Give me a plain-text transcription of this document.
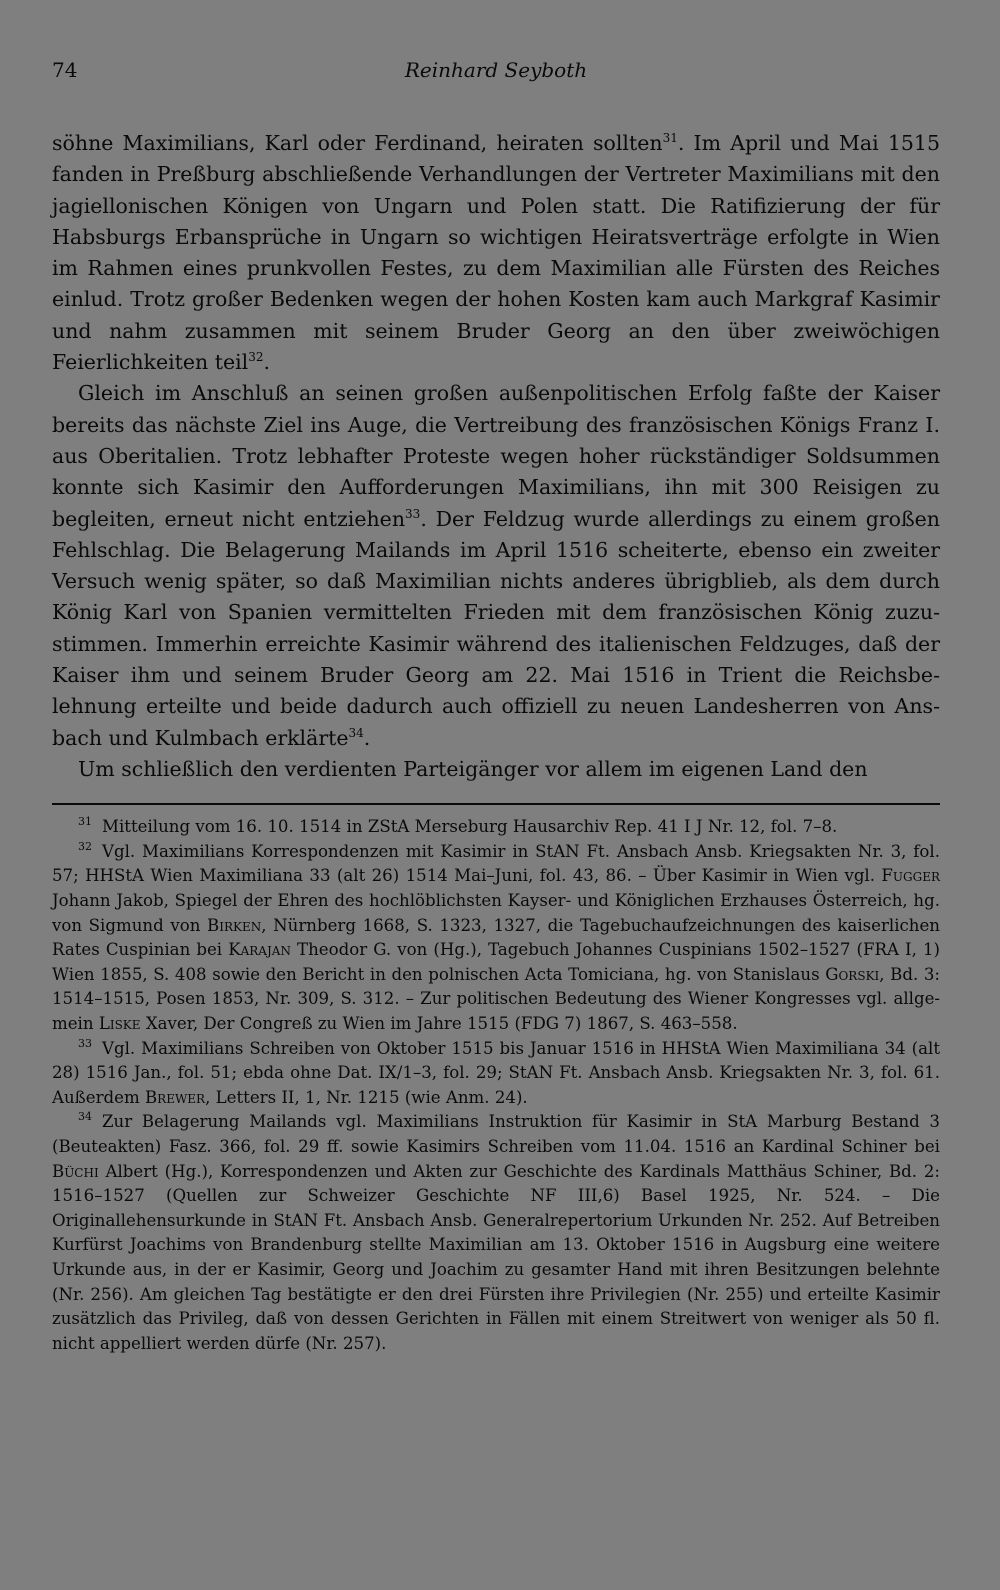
74	Reinhard Seyboth

söhne Maximilians, Karl oder Ferdinand, heiraten sollten$^{31}$. Im April und Mai 1515 fanden in Preßburg abschließende Verhandlungen der Vertreter Maximilians mit den jagiellonischen Königen von Ungarn und Polen statt. Die Ratifizierung der für Habsburgs Erbansprüche in Ungarn so wichtigen Heiratsverträge erfolgte in Wien im Rahmen eines prunkvollen Festes, zu dem Maximilian alle Fürsten des Reiches einlud. Trotz großer Bedenken wegen der hohen Kosten kam auch Markgraf Kasimir und nahm zusammen mit seinem Bruder Georg an den über zweiwöchigen Feierlichkeiten teil$^{32}$.

Gleich im Anschluß an seinen großen außenpolitischen Erfolg faßte der Kaiser bereits das nächste Ziel ins Auge, die Vertreibung des französischen Königs Franz I. aus Oberitalien. Trotz lebhafter Proteste wegen hoher rückständiger Soldsummen konnte sich Kasimir den Aufforderungen Maximilians, ihn mit 300 Reisigen zu begleiten, erneut nicht entziehen$^{33}$. Der Feldzug wurde allerdings zu einem großen Fehlschlag. Die Belagerung Mailands im April 1516 scheiterte, ebenso ein zweiter Versuch wenig später, so daß Maximilian nichts anderes übrigblieb, als dem durch König Karl von Spanien vermittelten Frieden mit dem französischen König zuzustimmen. Immerhin erreichte Kasimir während des italienischen Feldzuges, daß der Kaiser ihm und seinem Bruder Georg am 22. Mai 1516 in Trient die Reichsbelehnung erteilte und beide dadurch auch offiziell zu neuen Landesherren von Ansbach und Kulmbach erklärte$^{34}$.

Um schließlich den verdienten Parteigänger vor allem im eigenen Land den

$^{31}$ Mitteilung vom 16. 10. 1514 in ZStA Merseburg Hausarchiv Rep. 41 I J Nr. 12, fol. 7–8.

$^{32}$ Vgl. Maximilians Korrespondenzen mit Kasimir in StAN Ft. Ansbach Ansb. Kriegsakten Nr. 3, fol. 57; HHStA Wien Maximiliana 33 (alt 26) 1514 Mai–Juni, fol. 43, 86. – Über Kasimir in Wien vgl. Fugger Johann Jakob, Spiegel der Ehren des hochlöblichsten Kayser- und Königlichen Erzhauses Österreich, hg. von Sigmund von Birken, Nürnberg 1668, S. 1323, 1327, die Tagebuchaufzeichnungen des kaiserlichen Rates Cuspinian bei Karajan Theodor G. von (Hg.), Tagebuch Johannes Cuspinians 1502–1527 (FRA I, 1) Wien 1855, S. 408 sowie den Bericht in den polnischen Acta Tomiciana, hg. von Stanislaus Gorski, Bd. 3: 1514–1515, Posen 1853, Nr. 309, S. 312. – Zur politischen Bedeutung des Wiener Kongresses vgl. allgemein Liske Xaver, Der Congreß zu Wien im Jahre 1515 (FDG 7) 1867, S. 463–558.

$^{33}$ Vgl. Maximilians Schreiben von Oktober 1515 bis Januar 1516 in HHStA Wien Maximiliana 34 (alt 28) 1516 Jan., fol. 51; ebda ohne Dat. IX/1–3, fol. 29; StAN Ft. Ansbach Ansb. Kriegsakten Nr. 3, fol. 61. Außerdem Brewer, Letters II, 1, Nr. 1215 (wie Anm. 24).

$^{34}$ Zur Belagerung Mailands vgl. Maximilians Instruktion für Kasimir in StA Marburg Bestand 3 (Beuteakten) Fasz. 366, fol. 29 ff. sowie Kasimirs Schreiben vom 11.04. 1516 an Kardinal Schiner bei Büchi Albert (Hg.), Korrespondenzen und Akten zur Geschichte des Kardinals Matthäus Schiner, Bd. 2: 1516–1527 (Quellen zur Schweizer Geschichte NF III,6) Basel 1925, Nr. 524. – Die Originallehensurkunde in StAN Ft. Ansbach Ansb. Generalrepertorium Urkunden Nr. 252. Auf Betreiben Kurfürst Joachims von Brandenburg stellte Maximilian am 13. Oktober 1516 in Augsburg eine weitere Urkunde aus, in der er Kasimir, Georg und Joachim zu gesamter Hand mit ihren Besitzungen belehnte (Nr. 256). Am gleichen Tag bestätigte er den drei Fürsten ihre Privilegien (Nr. 255) und erteilte Kasimir zusätzlich das Privileg, daß von dessen Gerichten in Fällen mit einem Streitwert von weniger als 50 fl. nicht appelliert werden dürfe (Nr. 257).
